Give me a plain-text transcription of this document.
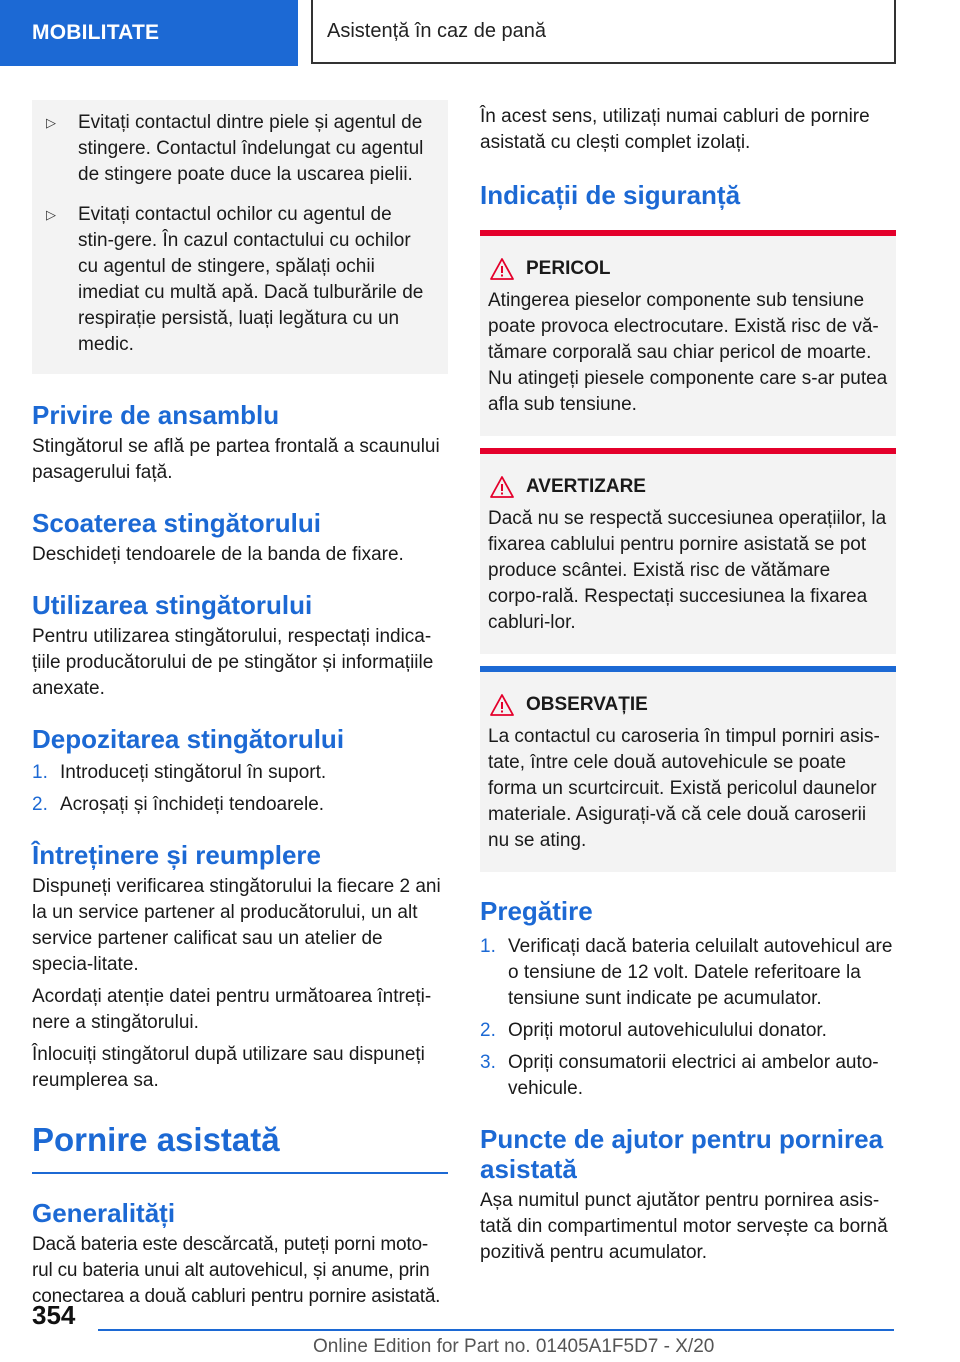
MOBILITATE	Asistență în caz de pană
▷	Evitați contactul dintre piele și agentul de stingere. Contactul îndelungat cu agentul de stingere poate duce la uscarea pielii.
▷	Evitați contactul ochilor cu agentul de stin-gere. În cazul contactului cu ochilor cu agentul de stingere, spălați ochii imediat cu multă apă. Dacă tulburările de respirație persistă, luați legătura cu un medic.
Privire de ansamblu

Stingătorul se află pe partea frontală a scaunului pasagerului față.

Scoaterea stingătorului

Deschideți tendoarele de la banda de fixare.

Utilizarea stingătorului

Pentru utilizarea stingătorului, respectați indica-țiile producătorului de pe stingător și informațiile anexate.

Depozitarea stingătorului
1. Introduceți stingătorul în suport.
2. Acroșați și închideți tendoarele.
Întreținere și reumplere

Dispuneți verificarea stingătorului la fiecare 2 ani la un service partener al producătorului, un alt service partener calificat sau un atelier de specia-litate.

Acordați atenție datei pentru următoarea întreți-nere a stingătorului.

Înlocuiți stingătorul după utilizare sau dispuneți reumplerea sa.

Pornire asistată
Generalități

Dacă bateria este descărcată, puteți porni moto-rul cu bateria unui alt autovehicul, și anume, prin conectarea a două cabluri pentru pornire asistată.

În acest sens, utilizați numai cabluri de pornire asistată cu clești complet izolați.

Indicații de siguranță
PERICOL

Atingerea pieselor componente sub tensiune poate provoca electrocutare. Există risc de vă-tămare corporală sau chiar pericol de moarte. Nu atingeți piesele componente care s-ar putea afla sub tensiune.

AVERTIZARE

Dacă nu se respectă succesiunea operațiilor, la fixarea cablului pentru pornire asistată se pot produce scântei. Există risc de vătămare corpo-rală. Respectați succesiunea la fixarea cabluri-lor.

OBSERVAȚIE

La contactul cu caroseria în timpul porniri asis-tate, între cele două autovehicule se poate forma un scurtcircuit. Există pericolul daunelor materiale. Asigurați-vă că cele două caroserii nu se ating.

Pregătire
1. Verificați dacă bateria celuilalt autovehicul are o tensiune de 12 volt. Datele referitoare la tensiune sunt indicate pe acumulator.
2. Opriți motorul autovehiculului donator.
3. Opriți consumatorii electrici ai ambelor auto-vehicule.
Puncte de ajutor pentru pornirea asistată

Așa numitul punct ajutător pentru pornirea asis-tată din compartimentul motor servește ca bornă pozitivă pentru acumulator.

354
Online Edition for Part no. 01405A1F5D7 - X/20
